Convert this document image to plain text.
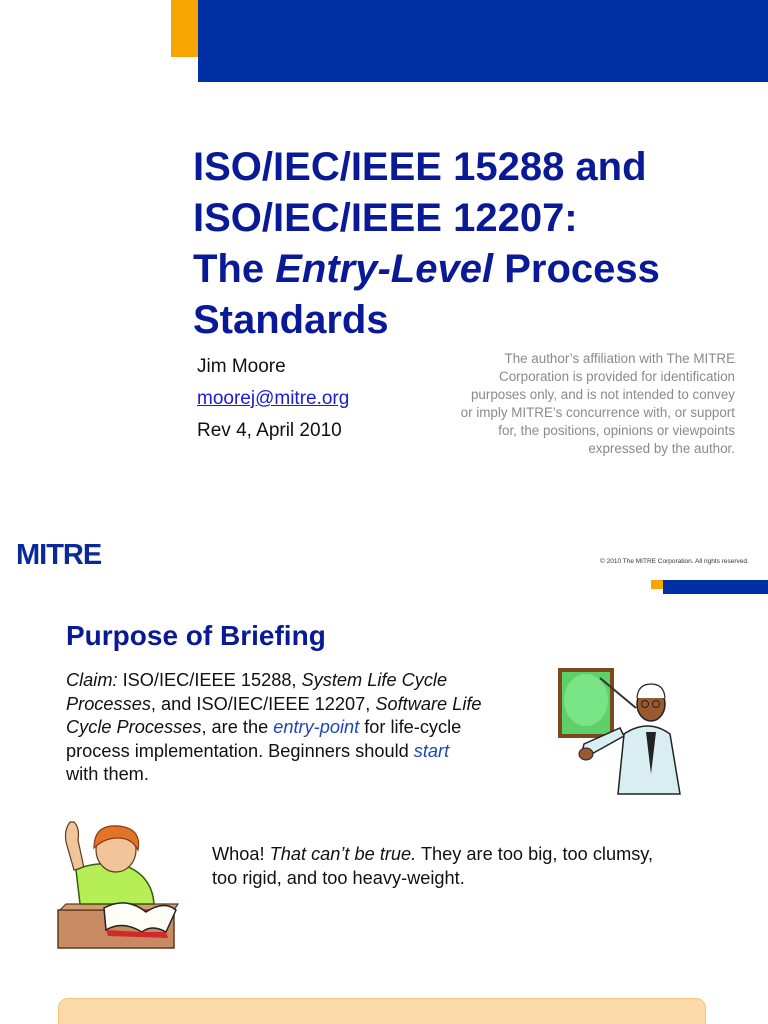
ISO/IEC/IEEE 15288 and
ISO/IEC/IEEE 12207:
The Entry-Level Process
Standards
Jim Moore
moorej@mitre.org
Rev 4, April 2010
The author’s affiliation with The MITRE Corporation is provided for identification purposes only, and is not intended to convey or imply MITRE’s concurrence with, or support for, the positions, opinions or viewpoints expressed by the author.
MITRE	© 2010 The MITRE Corporation. All rights reserved.
Purpose of Briefing
Claim: ISO/IEC/IEEE 15288, System Life Cycle Processes, and ISO/IEC/IEEE 12207, Software Life Cycle Processes, are the entry-point for life-cycle process implementation. Beginners should start with them.
Whoa! That can’t be true. They are too big, too clumsy, too rigid, and too heavy-weight.
